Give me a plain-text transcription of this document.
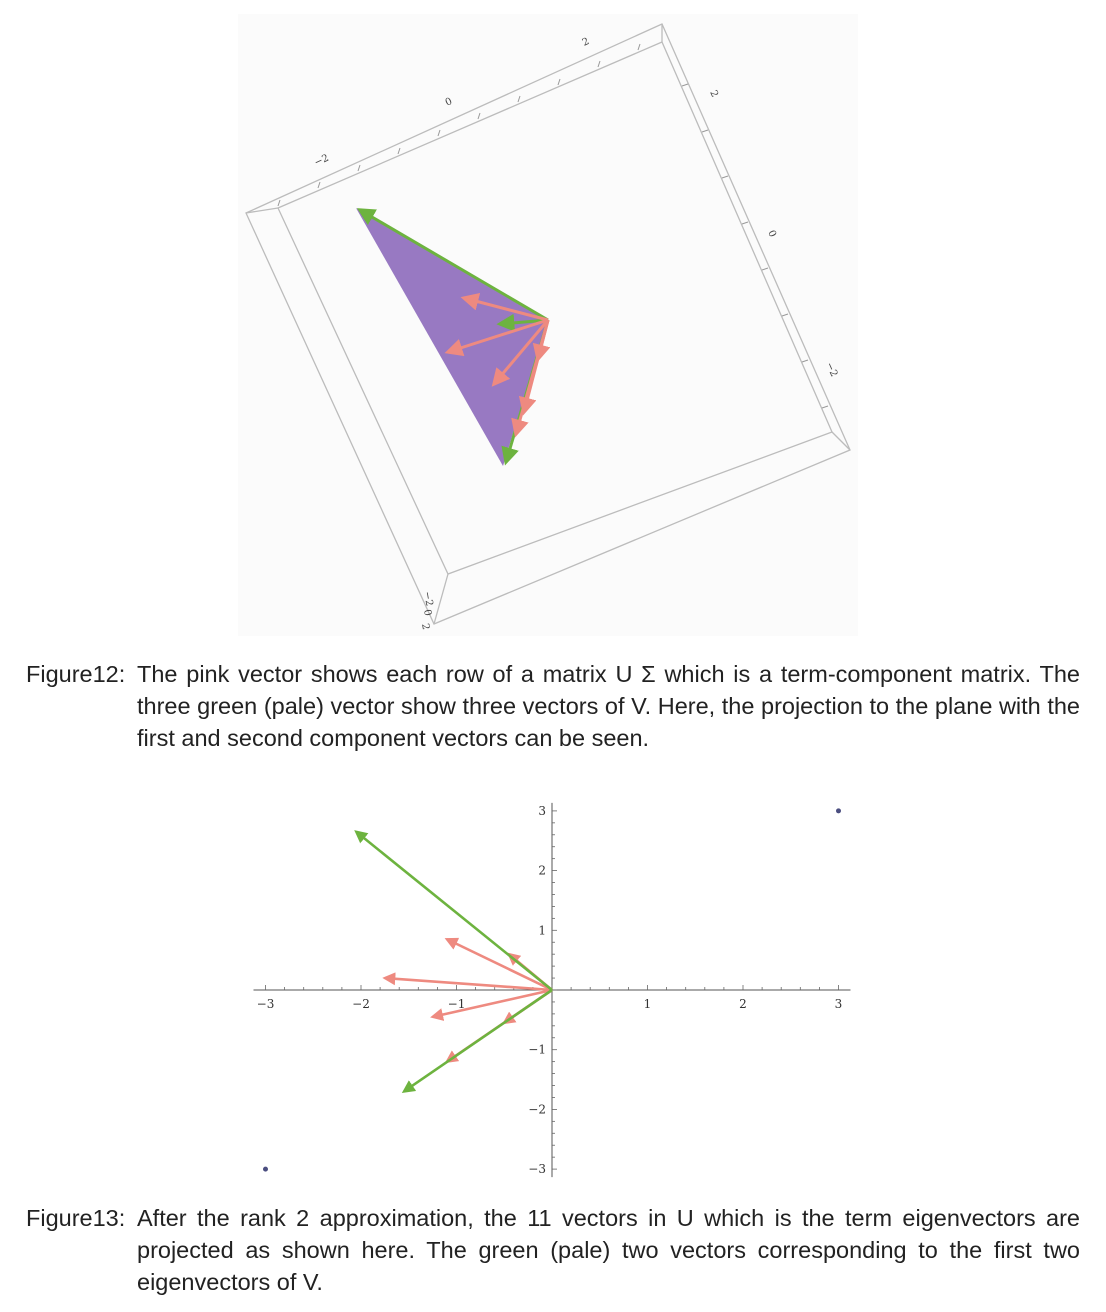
−2
0
2
2
0
−2
−2
0
2
Figure12: The pink vector shows each row of a matrix U Σ which is a term-component matrix. The three green (pale) vector show three vectors of V. Here, the projection to the plane with the first and second component vectors can be seen.
−3	−2	−1	1	2	3
3
2
1
−1
−2
−3
Figure13: After the rank 2 approximation, the 11 vectors in U which is the term eigenvectors are projected as shown here. The green (pale) two vectors corresponding to the first two eigenvectors of V.
